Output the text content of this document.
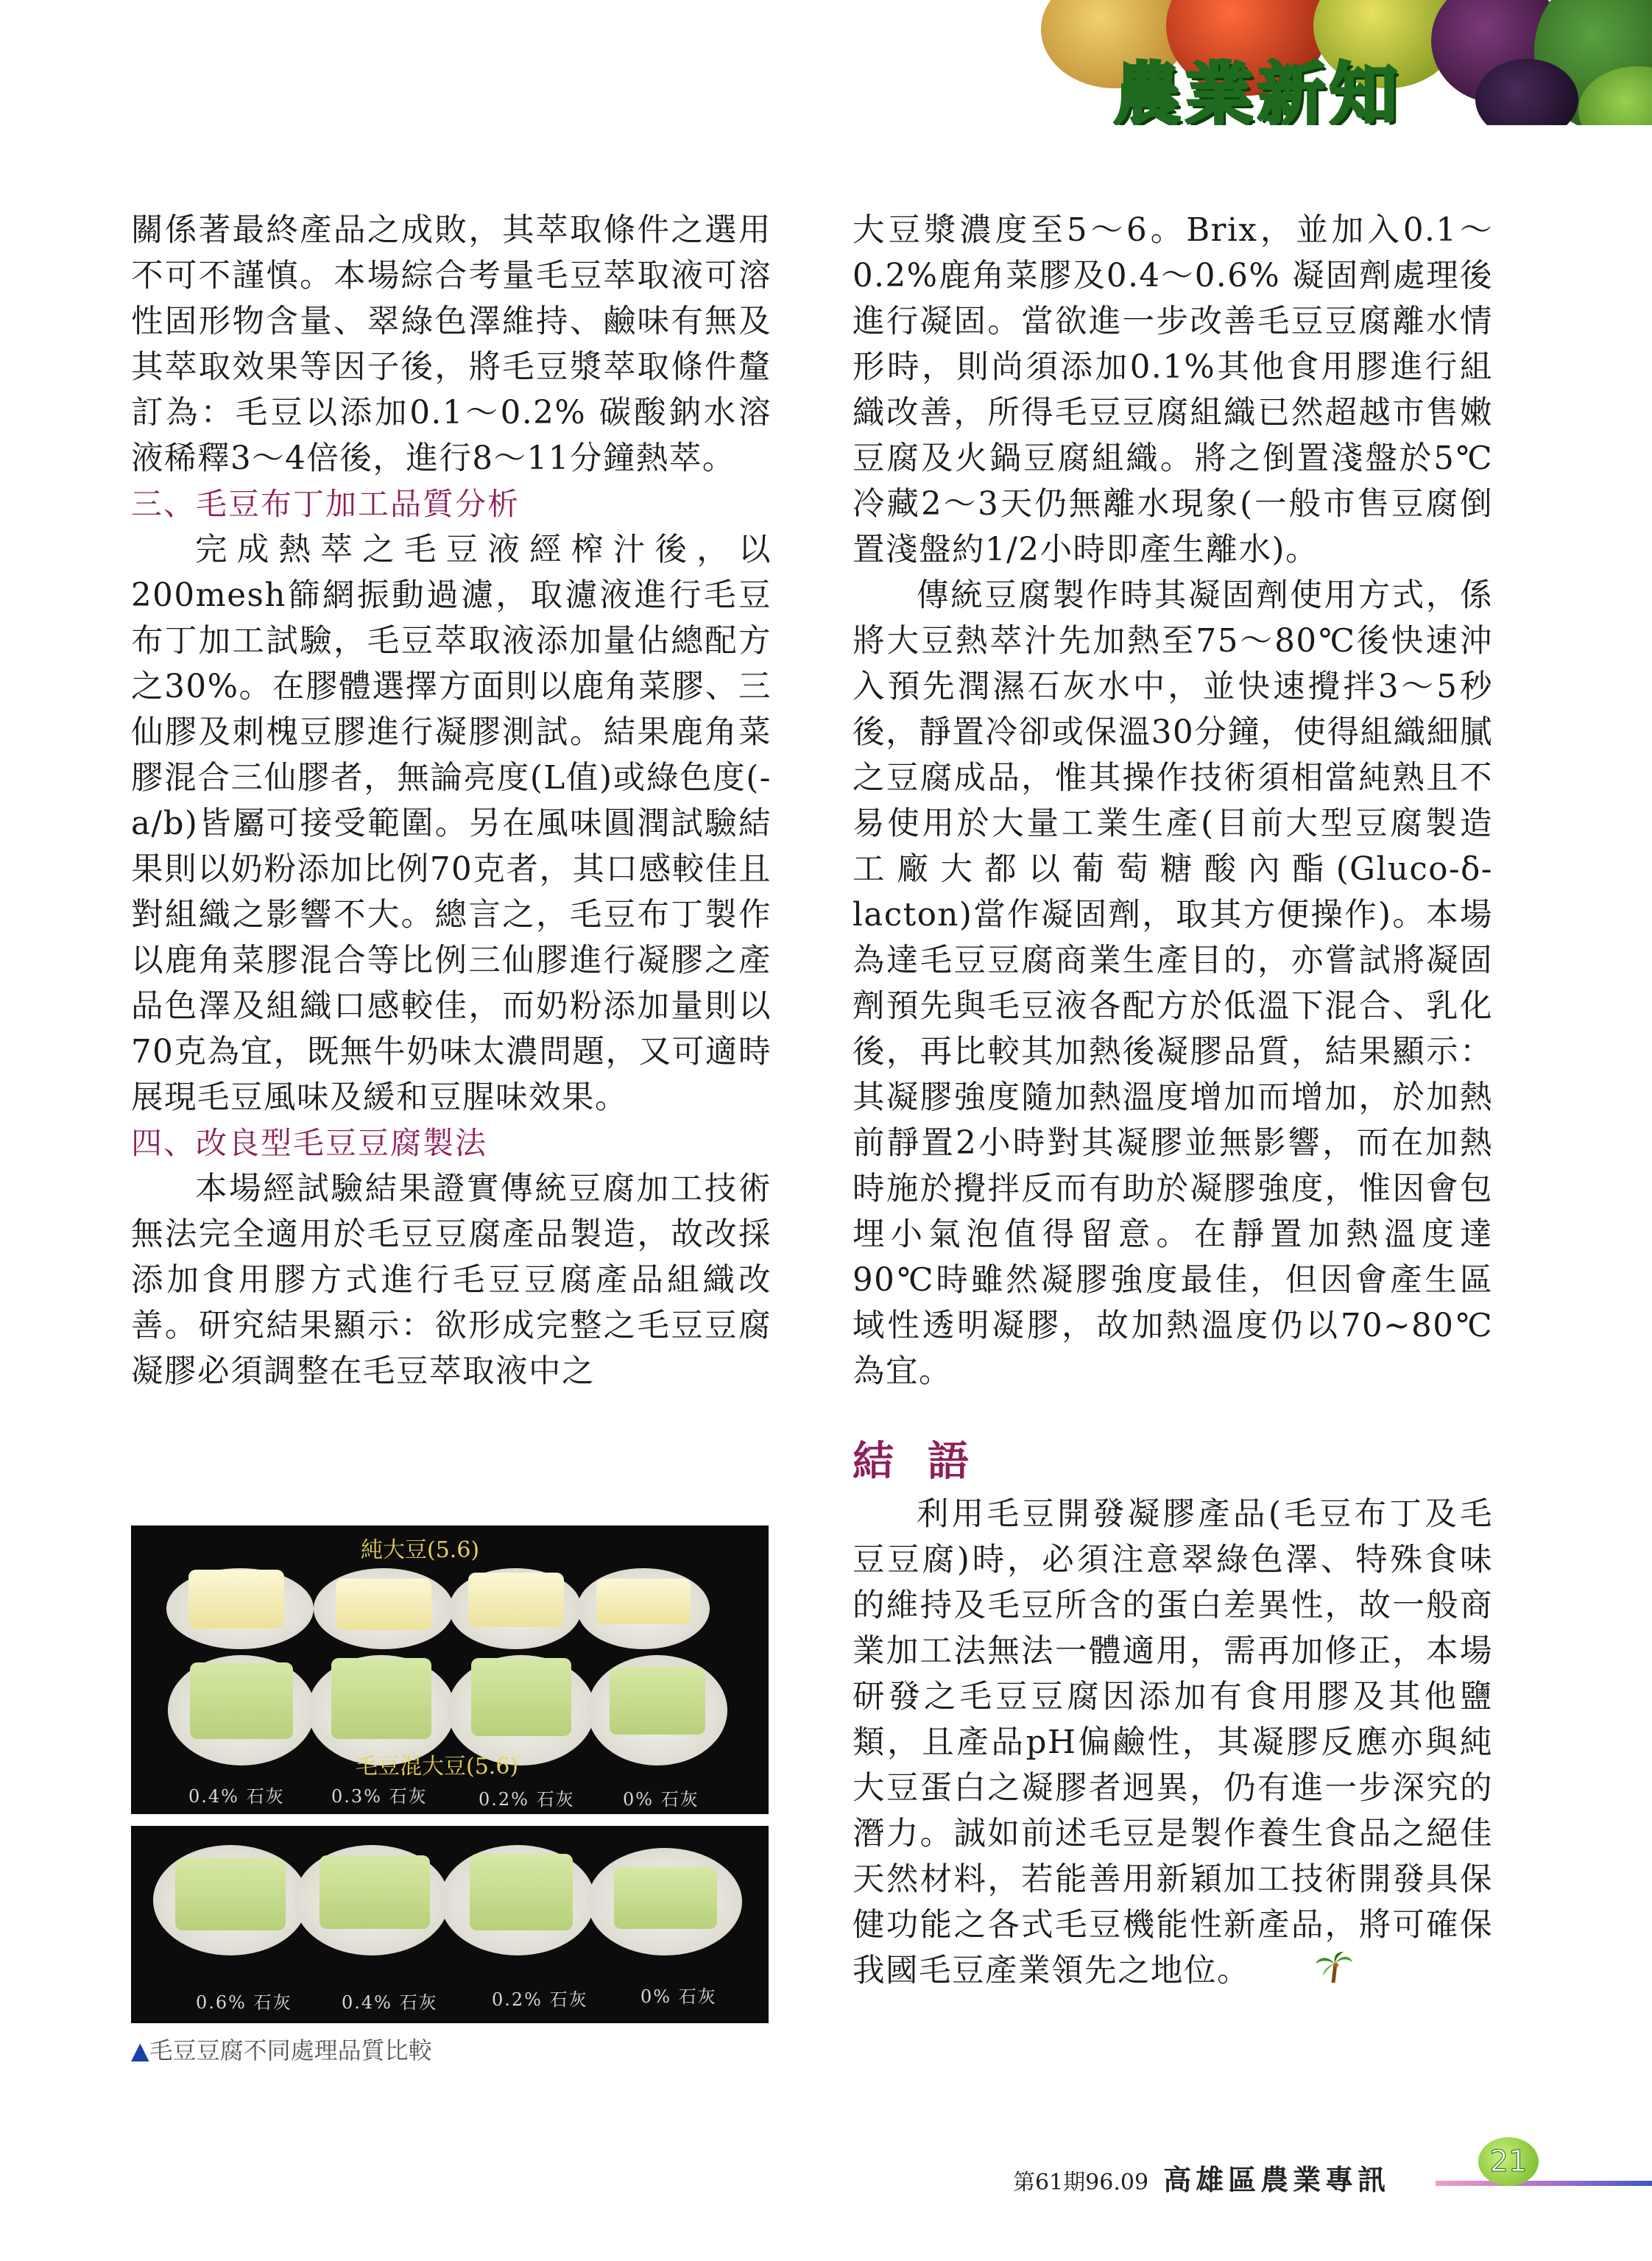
農業新知

關係著最終產品之成敗，其萃取條件之選用不可不謹慎。本場綜合考量毛豆萃取液可溶性固形物含量、翠綠色澤維持、鹼味有無及其萃取效果等因子後，將毛豆漿萃取條件釐訂為：毛豆以添加0.1～0.2% 碳酸鈉水溶液稀釋3～4倍後，進行8～11分鐘熱萃。

三、毛豆布丁加工品質分析

完成熱萃之毛豆液經榨汁後，以200mesh篩網振動過濾，取濾液進行毛豆布丁加工試驗，毛豆萃取液添加量佔總配方之30%。在膠體選擇方面則以鹿角菜膠、三仙膠及刺槐豆膠進行凝膠測試。結果鹿角菜膠混合三仙膠者，無論亮度(L值)或綠色度(-a/b)皆屬可接受範圍。另在風味圓潤試驗結果則以奶粉添加比例70克者，其口感較佳且對組織之影響不大。總言之，毛豆布丁製作以鹿角菜膠混合等比例三仙膠進行凝膠之產品色澤及組織口感較佳，而奶粉添加量則以70克為宜，既無牛奶味太濃問題，又可適時展現毛豆風味及緩和豆腥味效果。

四、改良型毛豆豆腐製法

本場經試驗結果證實傳統豆腐加工技術無法完全適用於毛豆豆腐產品製造，故改採添加食用膠方式進行毛豆豆腐產品組織改善。研究結果顯示：欲形成完整之毛豆豆腐凝膠必須調整在毛豆萃取液中之

大豆漿濃度至5～6。Brix，並加入0.1～0.2%鹿角菜膠及0.4～0.6% 凝固劑處理後進行凝固。當欲進一步改善毛豆豆腐離水情形時，則尚須添加0.1%其他食用膠進行組織改善，所得毛豆豆腐組織已然超越市售嫩豆腐及火鍋豆腐組織。將之倒置淺盤於5℃冷藏2～3天仍無離水現象(一般市售豆腐倒置淺盤約1/2小時即產生離水)。

傳統豆腐製作時其凝固劑使用方式，係將大豆熱萃汁先加熱至75～80℃後快速沖入預先潤濕石灰水中，並快速攪拌3～5秒後，靜置冷卻或保溫30分鐘，使得組織細膩之豆腐成品，惟其操作技術須相當純熟且不易使用於大量工業生產(目前大型豆腐製造工廠大都以葡萄糖酸內酯(Gluco-δ-lacton)當作凝固劑，取其方便操作)。本場為達毛豆豆腐商業生產目的，亦嘗試將凝固劑預先與毛豆液各配方於低溫下混合、乳化後，再比較其加熱後凝膠品質，結果顯示：其凝膠強度隨加熱溫度增加而增加，於加熱前靜置2小時對其凝膠並無影響，而在加熱時施於攪拌反而有助於凝膠強度，惟因會包埋小氣泡值得留意。在靜置加熱溫度達90℃時雖然凝膠強度最佳，但因會產生區域性透明凝膠，故加熱溫度仍以70~80℃為宜。

結語

利用毛豆開發凝膠產品(毛豆布丁及毛豆豆腐)時，必須注意翠綠色澤、特殊食味的維持及毛豆所含的蛋白差異性，故一般商業加工法無法一體適用，需再加修正，本場研發之毛豆豆腐因添加有食用膠及其他鹽類，且產品pH偏鹼性，其凝膠反應亦與純大豆蛋白之凝膠者迥異，仍有進一步深究的潛力。誠如前述毛豆是製作養生食品之絕佳天然材料，若能善用新穎加工技術開發具保健功能之各式毛豆機能性新產品，將可確保我國毛豆產業領先之地位。

純大豆(5.6)
毛豆混大豆(5.6)
0.4% 石灰	0.3% 石灰	0.2% 石灰	0% 石灰
0.6% 石灰	0.4% 石灰	0.2% 石灰	0% 石灰
▲毛豆豆腐不同處理品質比較
第61期96.09 高雄區農業專訊
21
